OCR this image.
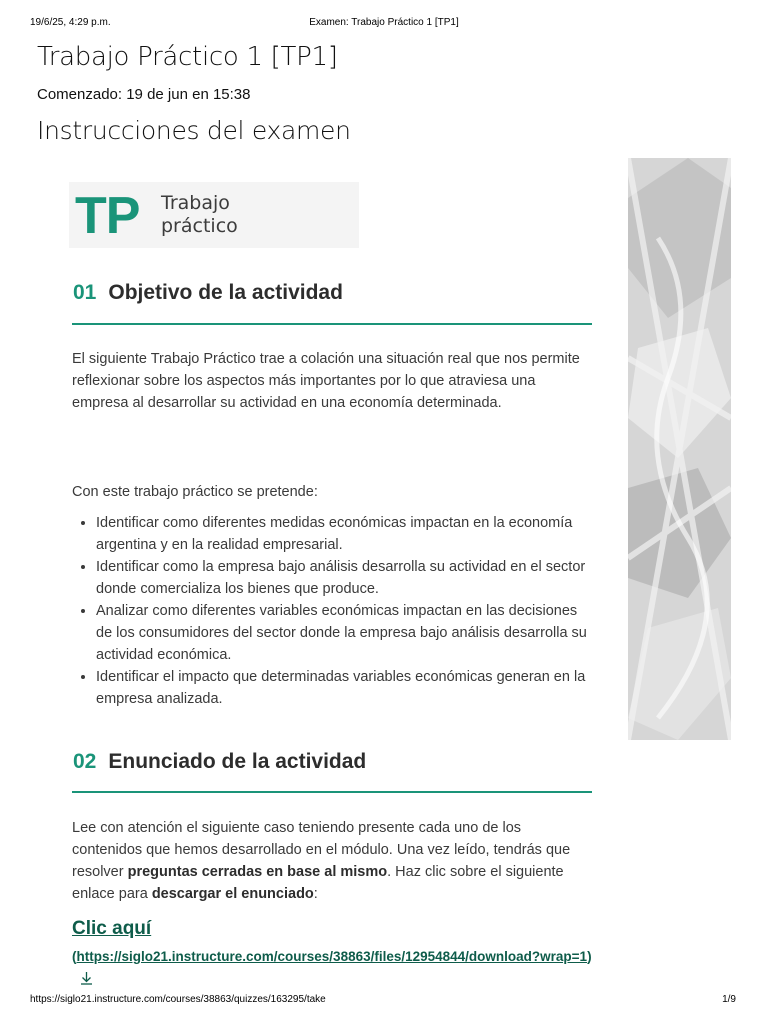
19/6/25, 4:29 p.m.	Examen: Trabajo Práctico 1 [TP1]
Trabajo Práctico 1 [TP1]
Comenzado: 19 de jun en 15:38
Instrucciones del examen
TP Trabajo
práctico
01 Objetivo de la actividad

El siguiente Trabajo Práctico trae a colación una situación real que nos permite reflexionar sobre los aspectos más importantes por lo que atraviesa una empresa al desarrollar su actividad en una economía determinada.

Con este trabajo práctico se pretende:

• Identificar como diferentes medidas económicas impactan en la economía argentina y en la realidad empresarial.
• Identificar como la empresa bajo análisis desarrolla su actividad en el sector donde comercializa los bienes que produce.
• Analizar como diferentes variables económicas impactan en las decisiones de los consumidores del sector donde la empresa bajo análisis desarrolla su actividad económica.
• Identificar el impacto que determinadas variables económicas generan en la empresa analizada.
02 Enunciado de la actividad

Lee con atención el siguiente caso teniendo presente cada uno de los contenidos que hemos desarrollado en el módulo. Una vez leído, tendrás que resolver preguntas cerradas en base al mismo. Haz clic sobre el siguiente enlace para descargar el enunciado:

Clic aquí
(https://siglo21.instructure.com/courses/38863/files/12954844/download?wrap=1)
https://siglo21.instructure.com/courses/38863/quizzes/163295/take	1/9
